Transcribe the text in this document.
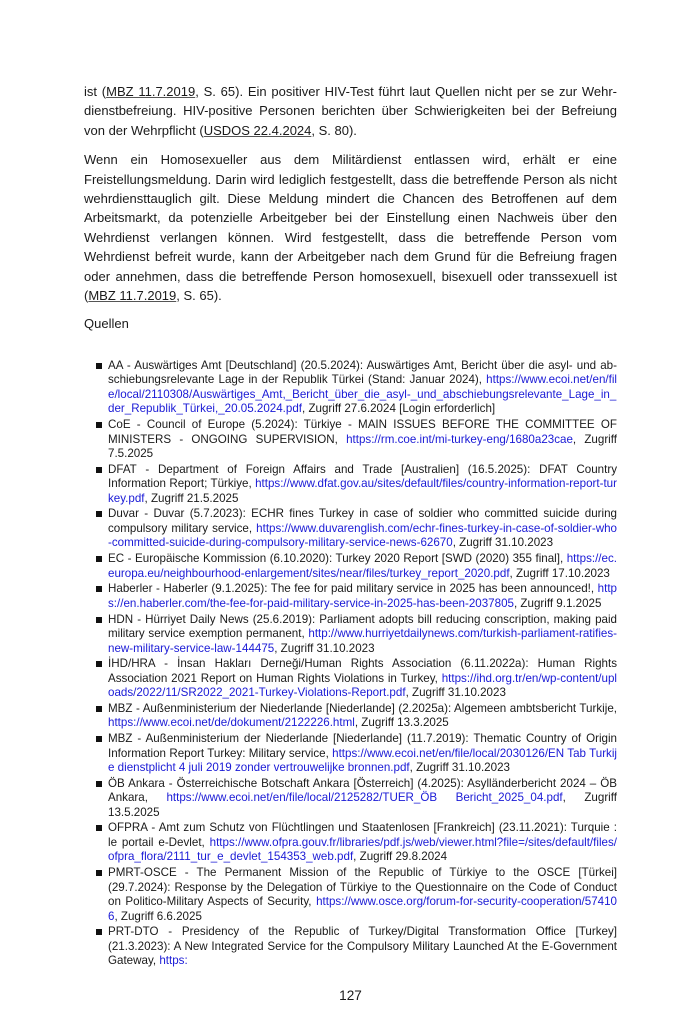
ist (MBZ 11.7.2019, S. 65). Ein positiver HIV-Test führt laut Quellen nicht per se zur Wehrdienstbefreiung. HIV-positive Personen berichten über Schwierigkeiten bei der Befreiung von der Wehrpflicht (USDOS 22.4.2024, S. 80).

Wenn ein Homosexueller aus dem Militärdienst entlassen wird, erhält er eine Freistellungsmeldung. Darin wird lediglich festgestellt, dass die betreffende Person als nicht wehrdiensttauglich gilt. Diese Meldung mindert die Chancen des Betroffenen auf dem Arbeitsmarkt, da potenzielle Arbeitgeber bei der Einstellung einen Nachweis über den Wehrdienst verlangen können. Wird festgestellt, dass die betreffende Person vom Wehrdienst befreit wurde, kann der Arbeitgeber nach dem Grund für die Befreiung fragen oder annehmen, dass die betreffende Person homosexuell, bisexuell oder transsexuell ist (MBZ 11.7.2019, S. 65).

Quellen
AA - Auswärtiges Amt [Deutschland] (20.5.2024): Auswärtiges Amt, Bericht über die asyl- und abschiebungsrelevante Lage in der Republik Türkei (Stand: Januar 2024), https://www.ecoi.net/en/file/local/2110308/Auswärtiges_Amt,_Bericht_über_die_asyl-_und_abschiebungsrelevante_Lage_in_der_Republik_Türkei,_20.05.2024.pdf, Zugriff 27.6.2024 [Login erforderlich]
CoE - Council of Europe (5.2024): Türkiye - MAIN ISSUES BEFORE THE COMMITTEE OF MINISTERS - ONGOING SUPERVISION, https://rm.coe.int/mi-turkey-eng/1680a23cae, Zugriff 7.5.2025
DFAT - Department of Foreign Affairs and Trade [Australien] (16.5.2025): DFAT Country Information Report; Türkiye, https://www.dfat.gov.au/sites/default/files/country-information-report-turkey.pdf, Zugriff 21.5.2025
Duvar - Duvar (5.7.2023): ECHR fines Turkey in case of soldier who committed suicide during compulsory military service, https://www.duvarenglish.com/echr-fines-turkey-in-case-of-soldier-who-committed-suicide-during-compulsory-military-service-news-62670, Zugriff 31.10.2023
EC - Europäische Kommission (6.10.2020): Turkey 2020 Report [SWD (2020) 355 final], https://ec.europa.eu/neighbourhood-enlargement/sites/near/files/turkey_report_2020.pdf, Zugriff 17.10.2023
Haberler - Haberler (9.1.2025): The fee for paid military service in 2025 has been announced!, https://en.haberler.com/the-fee-for-paid-military-service-in-2025-has-been-2037805, Zugriff 9.1.2025
HDN - Hürriyet Daily News (25.6.2019): Parliament adopts bill reducing conscription, making paid military service exemption permanent, http://www.hurriyetdailynews.com/turkish-parliament-ratifies-new-military-service-law-144475, Zugriff 31.10.2023
İHD/HRA - İnsan Hakları Derneği/Human Rights Association (6.11.2022a): Human Rights Association 2021 Report on Human Rights Violations in Turkey, https://ihd.org.tr/en/wp-content/uploads/2022/11/SR2022_2021-Turkey-Violations-Report.pdf, Zugriff 31.10.2023
MBZ - Außenministerium der Niederlande [Niederlande] (2.2025a): Algemeen ambtsbericht Turkije, https://www.ecoi.net/de/dokument/2122226.html, Zugriff 13.3.2025
MBZ - Außenministerium der Niederlande [Niederlande] (11.7.2019): Thematic Country of Origin Information Report Turkey: Military service, https://www.ecoi.net/en/file/local/2030126/EN Tab Turkije dienstplicht 4 juli 2019 zonder vertrouwelijke bronnen.pdf, Zugriff 31.10.2023
ÖB Ankara - Österreichische Botschaft Ankara [Österreich] (4.2025): Asylländerbericht 2024 – ÖB Ankara, https://www.ecoi.net/en/file/local/2125282/TUER_ÖB Bericht_2025_04.pdf, Zugriff 13.5.2025
OFPRA - Amt zum Schutz von Flüchtlingen und Staatenlosen [Frankreich] (23.11.2021): Turquie : le portail e-Devlet, https://www.ofpra.gouv.fr/libraries/pdf.js/web/viewer.html?file=/sites/default/files/ofpra_flora/2111_tur_e_devlet_154353_web.pdf, Zugriff 29.8.2024
PMRT-OSCE - The Permanent Mission of the Republic of Türkiye to the OSCE [Türkei] (29.7.2024): Response by the Delegation of Türkiye to the Questionnaire on the Code of Conduct on Politico-Military Aspects of Security, https://www.osce.org/forum-for-security-cooperation/574106, Zugriff 6.6.2025
PRT-DTO - Presidency of the Republic of Turkey/Digital Transformation Office [Turkey] (21.3.2023): A New Integrated Service for the Compulsory Military Launched At the E-Government Gateway, https:
127
